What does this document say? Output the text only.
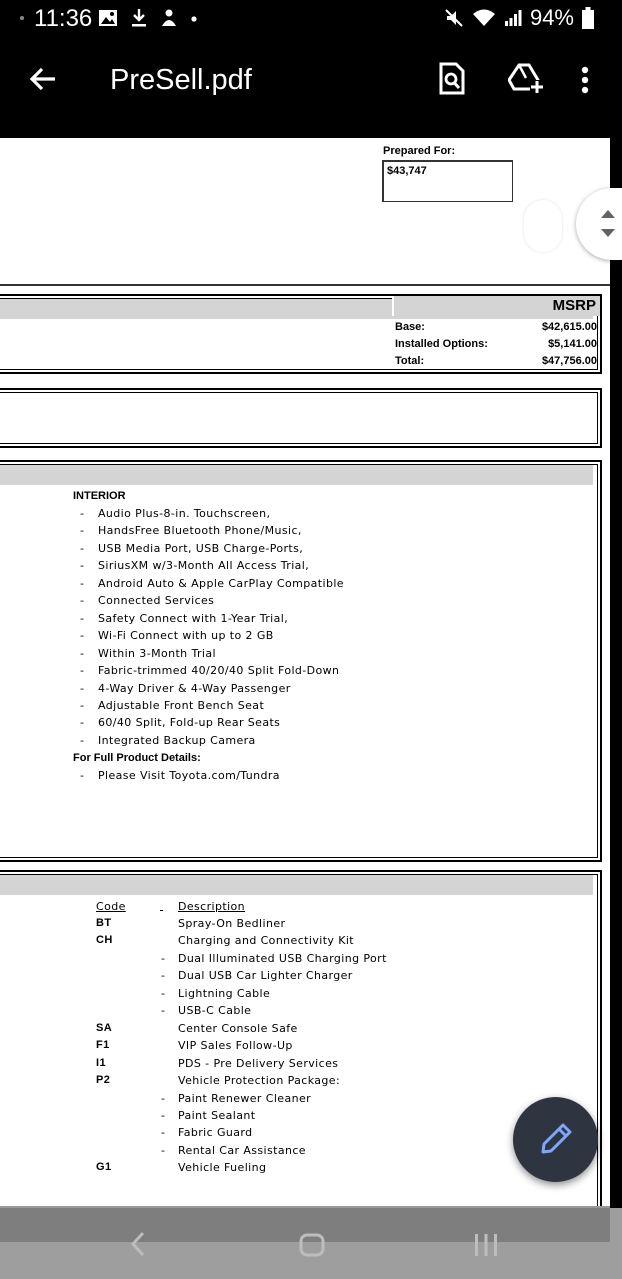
11:36	94%
PreSell.pdf
Prepared For:
$43,747
MSRP
Base:	$42,615.00
Installed Options:	$5,141.00
Total:	$47,756.00
INTERIOR
- Audio Plus-8-in. Touchscreen,
- HandsFree Bluetooth Phone/Music,
- USB Media Port, USB Charge-Ports,
- SiriusXM w/3-Month All Access Trial,
- Android Auto & Apple CarPlay Compatible
- Connected Services
- Safety Connect with 1-Year Trial,
- Wi-Fi Connect with up to 2 GB
- Within 3-Month Trial
- Fabric-trimmed 40/20/40 Split Fold-Down
- 4-Way Driver & 4-Way Passenger
- Adjustable Front Bench Seat
- 60/40 Split, Fold-up Rear Seats
- Integrated Backup Camera
For Full Product Details:
- Please Visit Toyota.com/Tundra
Code
	Description
BT	Spray-On Bedliner
CH	Charging and Connectivity Kit
- Dual Illuminated USB Charging Port
- Dual USB Car Lighter Charger
- Lightning Cable
- USB-C Cable
SA	Center Console Safe
F1	VIP Sales Follow-Up
I1	PDS - Pre Delivery Services
P2	Vehicle Protection Package:
- Paint Renewer Cleaner
- Paint Sealant
- Fabric Guard
- Rental Car Assistance
G1	Vehicle Fueling
